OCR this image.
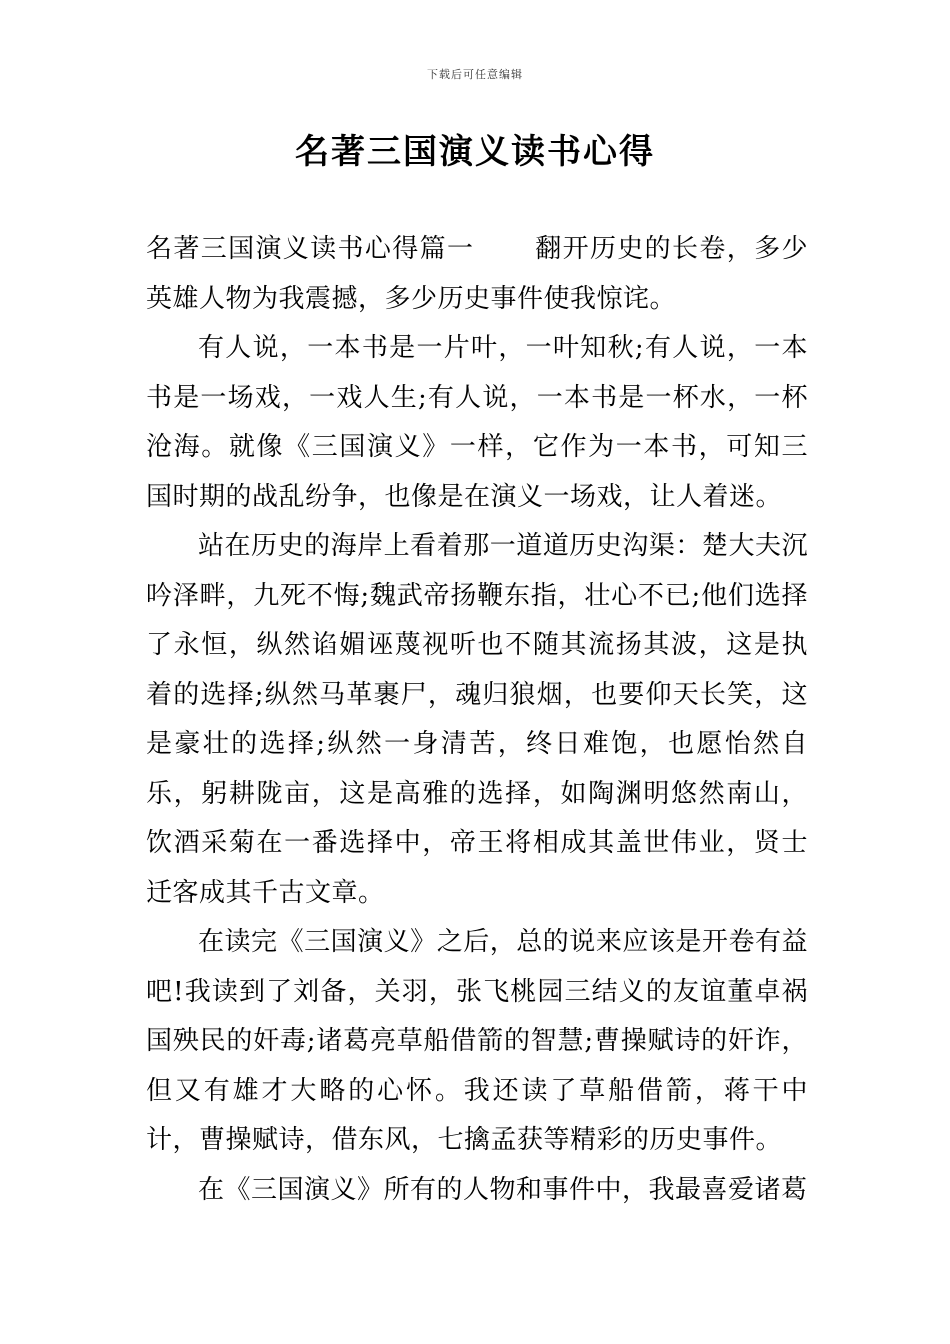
下载后可任意编辑
名著三国演义读书心得

名著三国演义读书心得篇一 翻开历史的长卷，多少英雄人物为我震撼，多少历史事件使我惊诧。

有人说，一本书是一片叶，一叶知秋;有人说，一本书是一场戏，一戏人生;有人说，一本书是一杯水，一杯沧海。就像《三国演义》一样，它作为一本书，可知三国时期的战乱纷争，也像是在演义一场戏，让人着迷。

站在历史的海岸上看着那一道道历史沟渠：楚大夫沉吟泽畔，九死不悔;魏武帝扬鞭东指，壮心不已;他们选择了永恒，纵然谄媚诬蔑视听也不随其流扬其波，这是执着的选择;纵然马革裹尸，魂归狼烟，也要仰天长笑，这是豪壮的选择;纵然一身清苦，终日难饱，也愿怡然自乐，躬耕陇亩，这是高雅的选择，如陶渊明悠然南山，饮酒采菊在一番选择中，帝王将相成其盖世伟业，贤士迁客成其千古文章。

在读完《三国演义》之后，总的说来应该是开卷有益吧!我读到了刘备，关羽，张飞桃园三结义的友谊董卓祸国殃民的奸毒;诸葛亮草船借箭的智慧;曹操赋诗的奸诈，但又有雄才大略的心怀。我还读了草船借箭，蒋干中计，曹操赋诗，借东风，七擒孟获等精彩的历史事件。

在《三国演义》所有的人物和事件中，我最喜爱诸葛
